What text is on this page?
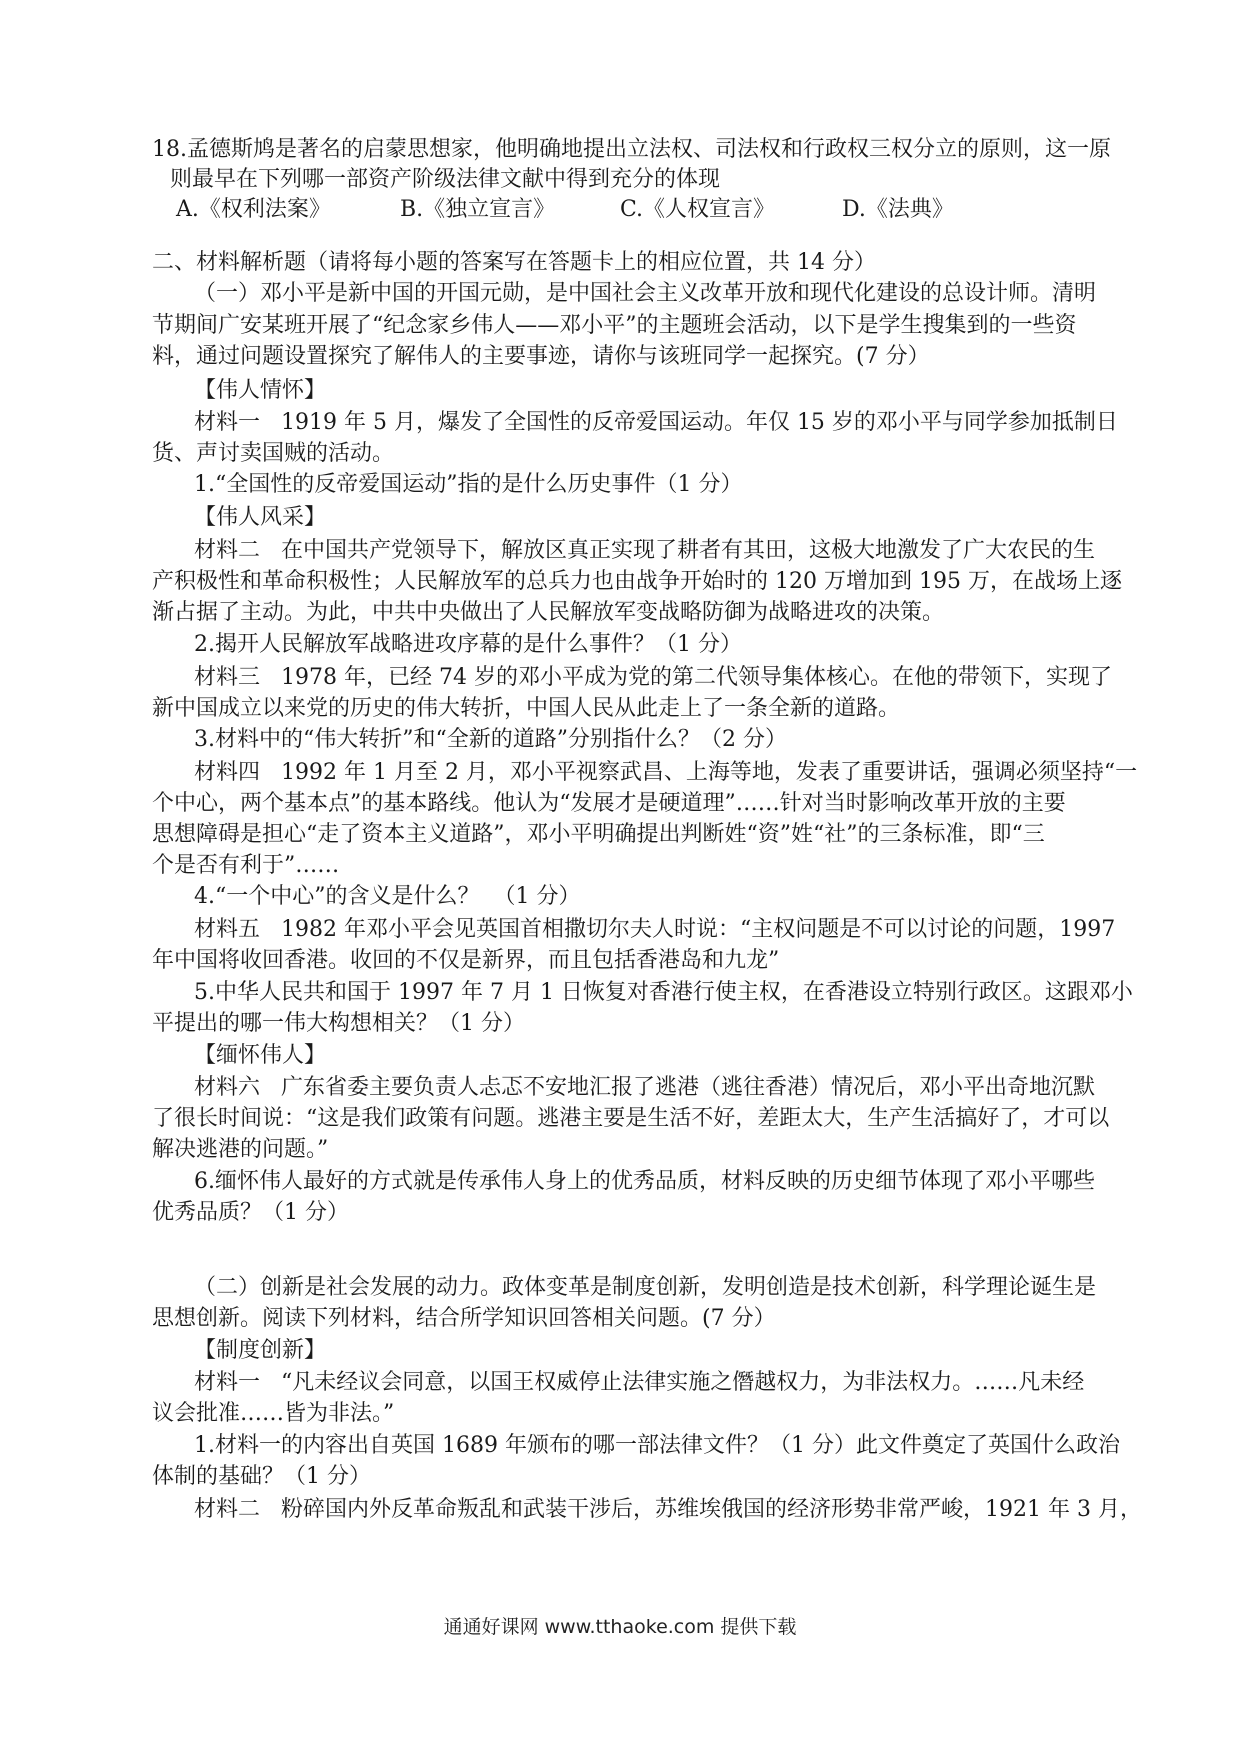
18.孟德斯鸠是著名的启蒙思想家，他明确地提出立法权、司法权和行政权三权分立的原则，这一原
则最早在下列哪一部资产阶级法律文献中得到充分的体现
A.《权利法案》	B.《独立宣言》	C.《人权宣言》	D.《法典》
二、材料解析题（请将每小题的答案写在答题卡上的相应位置，共 14 分）
（一）邓小平是新中国的开国元勋，是中国社会主义改革开放和现代化建设的总设计师。清明
节期间广安某班开展了“纪念家乡伟人——邓小平”的主题班会活动，以下是学生搜集到的一些资
料，通过问题设置探究了解伟人的主要事迹，请你与该班同学一起探究。(7 分）
【伟人情怀】
材料一   1919 年 5 月，爆发了全国性的反帝爱国运动。年仅 15 岁的邓小平与同学参加抵制日
货、声讨卖国贼的活动。
1.“全国性的反帝爱国运动”指的是什么历史事件（1 分）
【伟人风采】
材料二   在中国共产党领导下，解放区真正实现了耕者有其田，这极大地激发了广大农民的生
产积极性和革命积极性；人民解放军的总兵力也由战争开始时的 120 万增加到 195 万，在战场上逐
渐占据了主动。为此，中共中央做出了人民解放军变战略防御为战略进攻的决策。
2.揭开人民解放军战略进攻序幕的是什么事件？（1 分）
材料三   1978 年，已经 74 岁的邓小平成为党的第二代领导集体核心。在他的带领下，实现了
新中国成立以来党的历史的伟大转折，中国人民从此走上了一条全新的道路。
3.材料中的“伟大转折”和“全新的道路”分别指什么？（2 分）
材料四   1992 年 1 月至 2 月，邓小平视察武昌、上海等地，发表了重要讲话，强调必须坚持“一
个中心，两个基本点”的基本路线。他认为“发展才是硬道理”……针对当时影响改革开放的主要
思想障碍是担心“走了资本主义道路”，邓小平明确提出判断姓“资”姓“社”的三条标准，即“三
个是否有利于”……
4.“一个中心”的含义是什么？  （1 分）
材料五   1982 年邓小平会见英国首相撒切尔夫人时说：“主权问题是不可以讨论的问题，1997
年中国将收回香港。收回的不仅是新界，而且包括香港岛和九龙”
5.中华人民共和国于 1997 年 7 月 1 日恢复对香港行使主权，在香港设立特别行政区。这跟邓小
平提出的哪一伟大构想相关？（1 分）
【缅怀伟人】
材料六   广东省委主要负责人忐忑不安地汇报了逃港（逃往香港）情况后，邓小平出奇地沉默
了很长时间说：“这是我们政策有问题。逃港主要是生活不好，差距太大，生产生活搞好了，才可以
解决逃港的问题。”
6.缅怀伟人最好的方式就是传承伟人身上的优秀品质，材料反映的历史细节体现了邓小平哪些
优秀品质？（1 分）
（二）创新是社会发展的动力。政体变革是制度创新，发明创造是技术创新，科学理论诞生是
思想创新。阅读下列材料，结合所学知识回答相关问题。(7 分）
【制度创新】
材料一   “凡未经议会同意，以国王权威停止法律实施之僭越权力，为非法权力。……凡未经
议会批准……皆为非法。”
1.材料一的内容出自英国 1689 年颁布的哪一部法律文件？（1 分）此文件奠定了英国什么政治
体制的基础？（1 分）
材料二   粉碎国内外反革命叛乱和武装干涉后，苏维埃俄国的经济形势非常严峻，1921 年 3 月，
通通好课网 www.tthaoke.com 提供下载
